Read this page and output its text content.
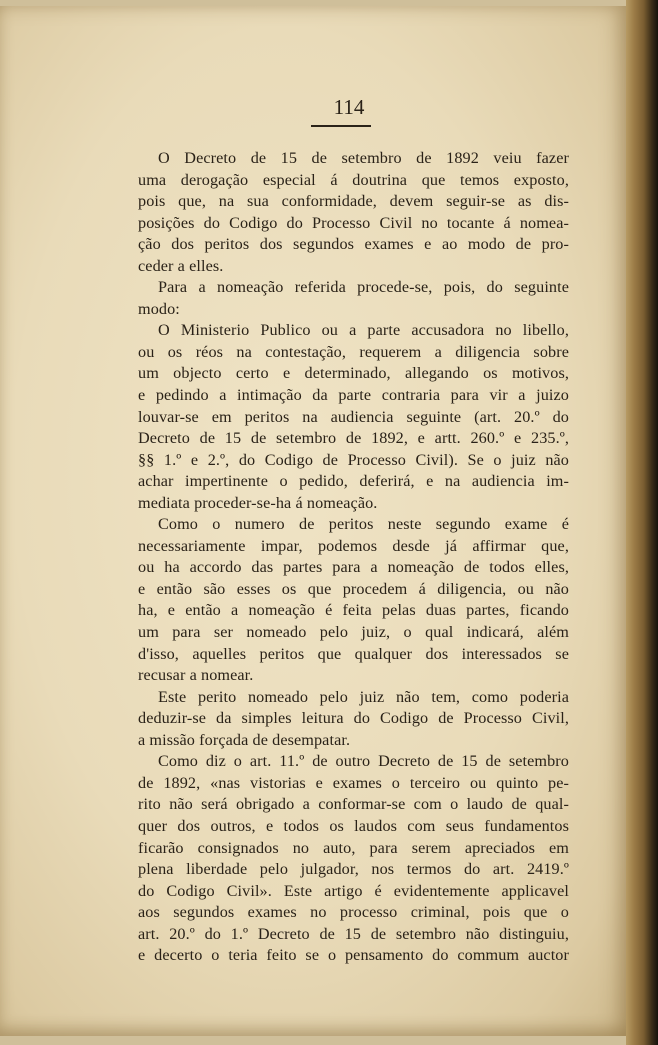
114
O Decreto de 15 de setembro de 1892 veiu fazer
uma derogação especial á doutrina que temos exposto,
pois que, na sua conformidade, devem seguir-se as dis-
posições do Codigo do Processo Civil no tocante á nomea-
ção dos peritos dos segundos exames e ao modo de pro-
ceder a elles.
Para a nomeação referida procede-se, pois, do seguinte
modo:
O Ministerio Publico ou a parte accusadora no libello,
ou os réos na contestação, requerem a diligencia sobre
um objecto certo e determinado, allegando os motivos,
e pedindo a intimação da parte contraria para vir a juizo
louvar-se em peritos na audiencia seguinte (art. 20.º do
Decreto de 15 de setembro de 1892, e artt. 260.º e 235.º,
§§ 1.º e 2.º, do Codigo de Processo Civil). Se o juiz não
achar impertinente o pedido, deferirá, e na audiencia im-
mediata proceder-se-ha á nomeação.
Como o numero de peritos neste segundo exame é
necessariamente impar, podemos desde já affirmar que,
ou ha accordo das partes para a nomeação de todos elles,
e então são esses os que procedem á diligencia, ou não
ha, e então a nomeação é feita pelas duas partes, ficando
um para ser nomeado pelo juiz, o qual indicará, além
d'isso, aquelles peritos que qualquer dos interessados se
recusar a nomear.
Este perito nomeado pelo juiz não tem, como poderia
deduzir-se da simples leitura do Codigo de Processo Civil,
a missão forçada de desempatar.
Como diz o art. 11.º de outro Decreto de 15 de setembro
de 1892, «nas vistorias e exames o terceiro ou quinto pe-
rito não será obrigado a conformar-se com o laudo de qual-
quer dos outros, e todos os laudos com seus fundamentos
ficarão consignados no auto, para serem apreciados em
plena liberdade pelo julgador, nos termos do art. 2419.º
do Codigo Civil». Este artigo é evidentemente applicavel
aos segundos exames no processo criminal, pois que o
art. 20.º do 1.º Decreto de 15 de setembro não distinguiu,
e decerto o teria feito se o pensamento do commum auctor
